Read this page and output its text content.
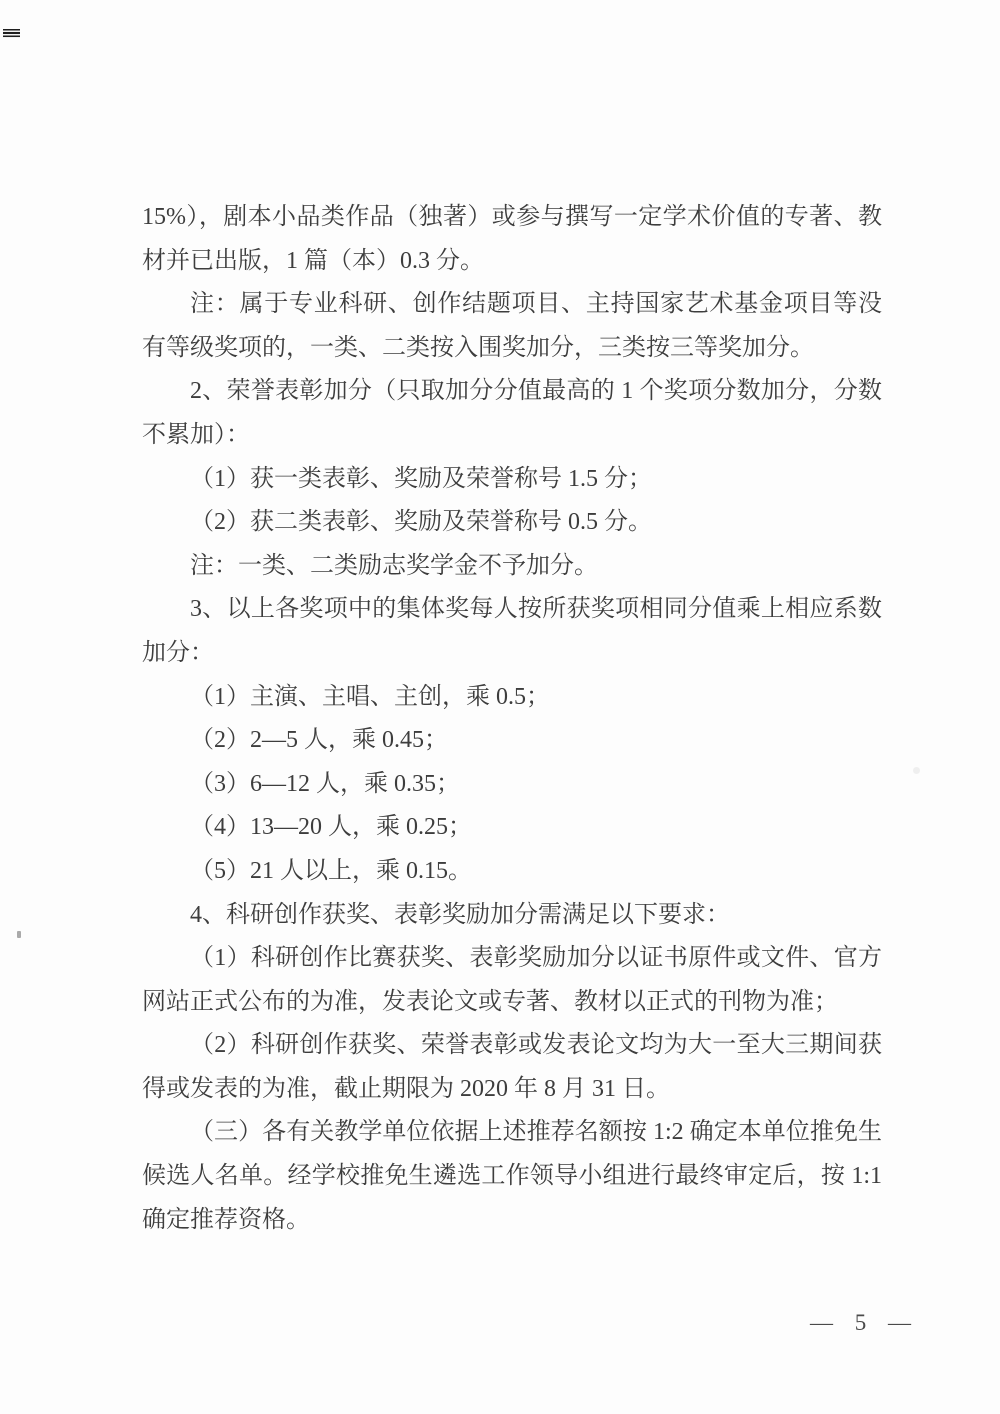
15%），剧本小品类作品（独著）或参与撰写一定学术价值的专著、教材并已出版，1 篇（本）0.3 分。

注：属于专业科研、创作结题项目、主持国家艺术基金项目等没有等级奖项的，一类、二类按入围奖加分，三类按三等奖加分。

2、荣誉表彰加分（只取加分分值最高的 1 个奖项分数加分，分数不累加）：

（1）获一类表彰、奖励及荣誉称号 1.5 分；

（2）获二类表彰、奖励及荣誉称号 0.5 分。

注：一类、二类励志奖学金不予加分。

3、以上各奖项中的集体奖每人按所获奖项相同分值乘上相应系数加分：

（1）主演、主唱、主创，乘 0.5；

（2）2—5 人，乘 0.45；

（3）6—12 人，乘 0.35；

（4）13—20 人，乘 0.25；

（5）21 人以上，乘 0.15。

4、科研创作获奖、表彰奖励加分需满足以下要求：

（1）科研创作比赛获奖、表彰奖励加分以证书原件或文件、官方网站正式公布的为准，发表论文或专著、教材以正式的刊物为准；

（2）科研创作获奖、荣誉表彰或发表论文均为大一至大三期间获得或发表的为准，截止期限为 2020 年 8 月 31 日。

（三）各有关教学单位依据上述推荐名额按 1:2 确定本单位推免生候选人名单。经学校推免生遴选工作领导小组进行最终审定后，按 1:1 确定推荐资格。

— 5 —
